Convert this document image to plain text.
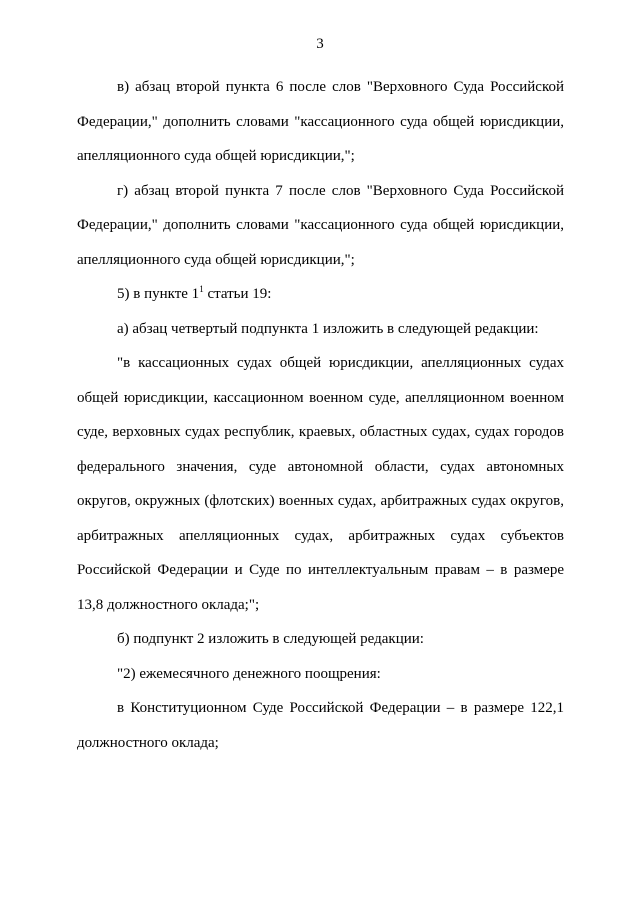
3

в) абзац второй пункта 6 после слов "Верховного Суда Российской Федерации," дополнить словами "кассационного суда общей юрисдикции, апелляционного суда общей юрисдикции,";

г) абзац второй пункта 7 после слов "Верховного Суда Российской Федерации," дополнить словами "кассационного суда общей юрисдикции, апелляционного суда общей юрисдикции,";

5) в пункте $1^1$ статьи 19:

a) абзац четвертый подпункта 1 изложить в следующей редакции:

"в кассационных судах общей юрисдикции, апелляционных судах общей юрисдикции, кассационном военном суде, апелляционном военном суде, верховных судах республик, краевых, областных судах, судах городов федерального значения, суде автономной области, судах автономных округов, окружных (флотских) военных судах, арбитражных судах округов, арбитражных апелляционных судах, арбитражных судах субъектов Российской Федерации и Суде по интеллектуальным правам – в размере 13,8 должностного оклада;";

б) подпункт 2 изложить в следующей редакции:

"2) ежемесячного денежного поощрения:

в Конституционном Суде Российской Федерации – в размере 122,1 должностного оклада;
